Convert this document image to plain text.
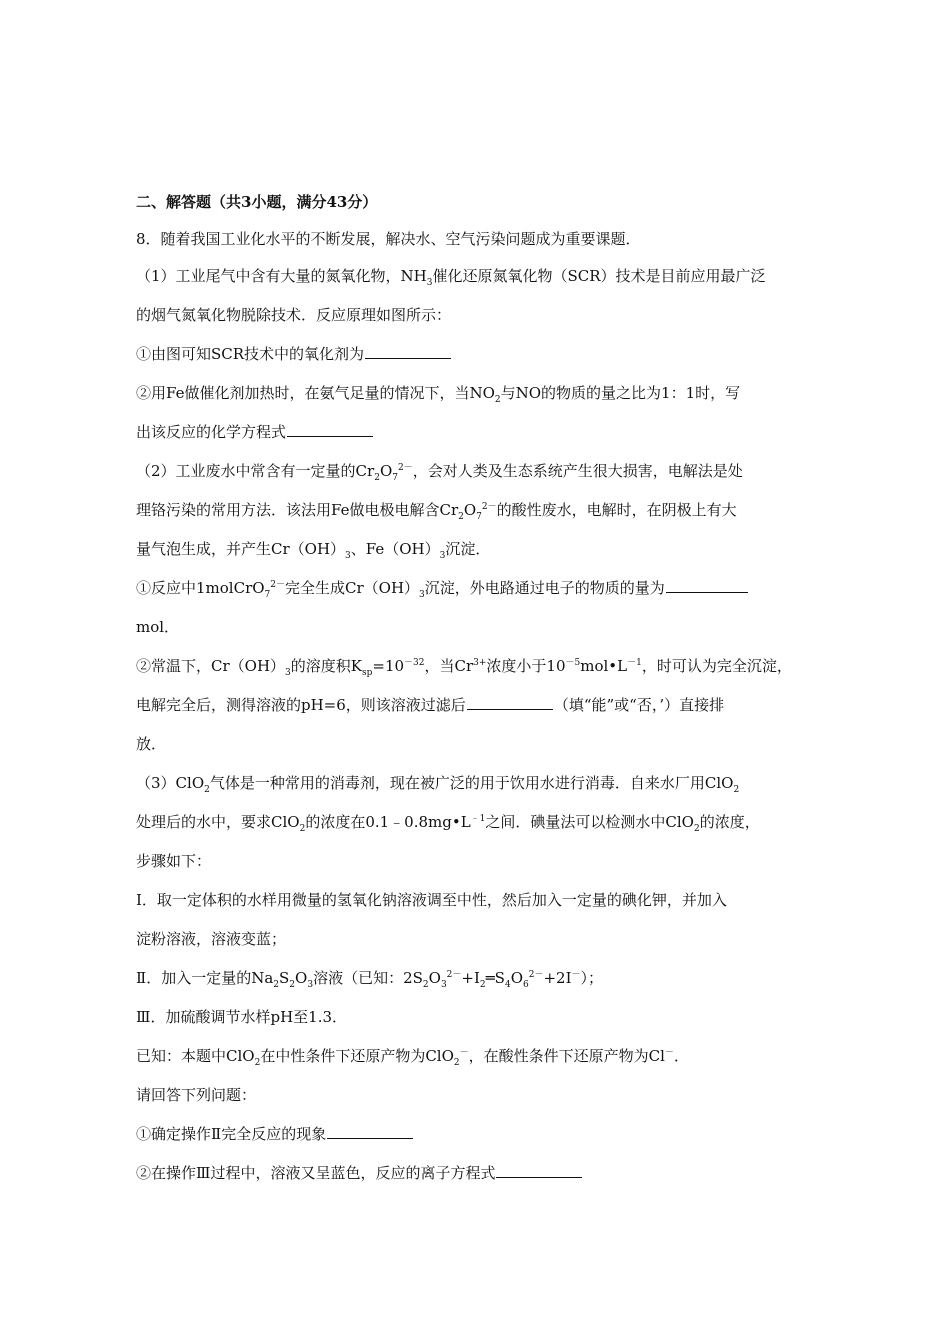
二、解答题（共3小题，满分43分）
8．随着我国工业化水平的不断发展，解决水、空气污染问题成为重要课题．
（1）工业尾气中含有大量的氮氧化物，$NH_3$催化还原氮氧化物（SCR）技术是目前应用最广泛
的烟气氮氧化物脱除技术．反应原理如图所示：
①由图可知SCR技术中的氧化剂为
②用Fe做催化剂加热时，在氨气足量的情况下，当$NO_2$与NO的物质的量之比为1：1时，写
出该反应的化学方程式
（2）工业废水中常含有一定量的$Cr_2O_7^{2-}$，会对人类及生态系统产生很大损害，电解法是处
理铬污染的常用方法．该法用Fe做电极电解含$Cr_2O_7^{2-}$的酸性废水，电解时，在阴极上有大
量气泡生成，并产生$Cr(OH)_3$、$Fe(OH)_3$沉淀．
①反应中1molCrO$_7^{2-}$完全生成$Cr(OH)_3$沉淀，外电路通过电子的物质的量为
mol．
②常温下，$Cr(OH)_3$的溶度积$K_{sp}=10^{-32}$，当$Cr^{3+}$浓度小于$10^{-5}mol•L^{-1}$，时可认为完全沉淀，
电解完全后，测得溶液的pH=6，则该溶液过滤后	（填“能”或“否，’）直接排
放．
（3）ClO$_2$气体是一种常用的消毒剂，现在被广泛的用于饮用水进行消毒．自来水厂用ClO$_2$
处理后的水中，要求ClO$_2$的浓度在$0.1﹣0.8mg•L^{﹣1}$之间．碘量法可以检测水中ClO$_2$的浓度，
步骤如下：
I．取一定体积的水样用微量的氢氧化钠溶液调至中性，然后加入一定量的碘化钾，并加入
淀粉溶液，溶液变蓝；
Ⅱ．加入一定量的$Na_2S_2O_3$溶液（已知：$2S_2O_3^{2-}+I_2═S_4O_6^{2-}+2I^-$）；
Ⅲ．加硫酸调节水样pH至1.3．
已知：本题中ClO$_2$在中性条件下还原产物为ClO$_2$－，在酸性条件下还原产物为Cl－．
请回答下列问题：
①确定操作Ⅱ完全反应的现象
②在操作Ⅲ过程中，溶液又呈蓝色，反应的离子方程式
